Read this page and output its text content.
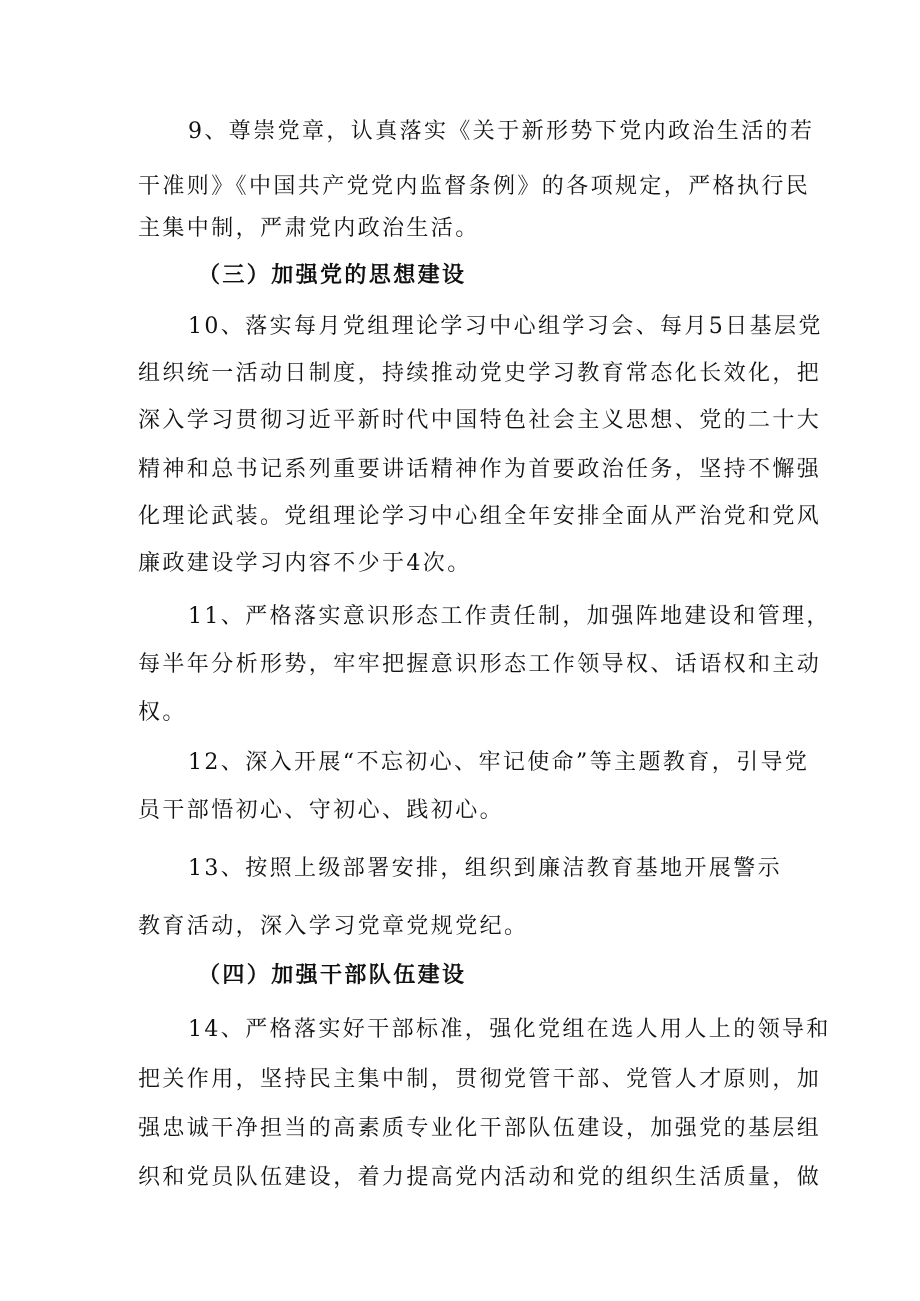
9、尊崇党章，认真落实《关于新形势下党内政治生活的若
干准则》《中国共产党党内监督条例》的各项规定，严格执行民
主集中制，严肃党内政治生活。
（三）加强党的思想建设
10、落实每月党组理论学习中心组学习会、每月5日基层党
组织统一活动日制度，持续推动党史学习教育常态化长效化，把
深入学习贯彻习近平新时代中国特色社会主义思想、党的二十大
精神和总书记系列重要讲话精神作为首要政治任务，坚持不懈强
化理论武装。党组理论学习中心组全年安排全面从严治党和党风
廉政建设学习内容不少于4次。
11、严格落实意识形态工作责任制，加强阵地建设和管理，
每半年分析形势，牢牢把握意识形态工作领导权、话语权和主动
权。
12、深入开展“不忘初心、牢记使命”等主题教育，引导党
员干部悟初心、守初心、践初心。
13、按照上级部署安排，组织到廉洁教育基地开展警示
教育活动，深入学习党章党规党纪。
（四）加强干部队伍建设
14、严格落实好干部标准，强化党组在选人用人上的领导和
把关作用，坚持民主集中制，贯彻党管干部、党管人才原则，加
强忠诚干净担当的高素质专业化干部队伍建设，加强党的基层组
织和党员队伍建设，着力提高党内活动和党的组织生活质量，做
